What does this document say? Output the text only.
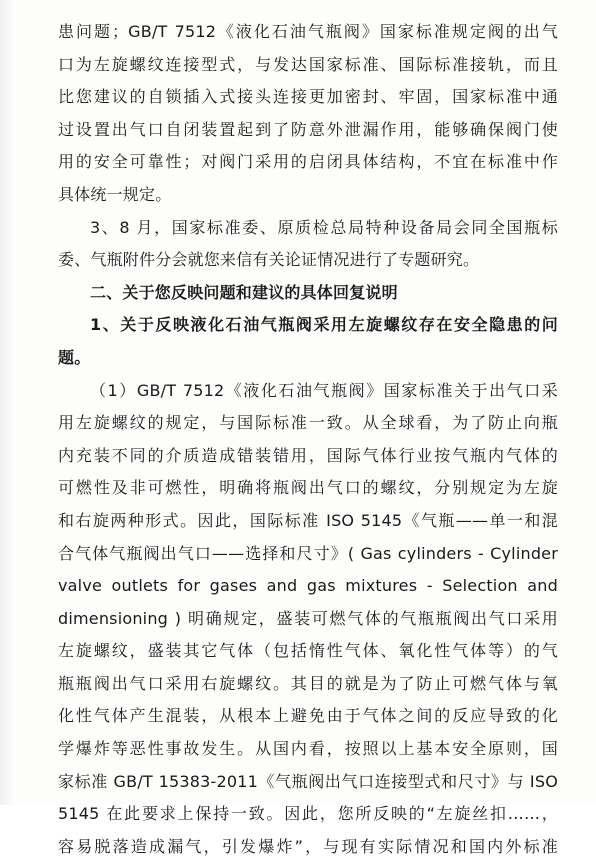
患问题；GB/T 7512《液化石油气瓶阀》国家标准规定阀的出气
口为左旋螺纹连接型式，与发达国家标准、国际标准接轨，而且
比您建议的自锁插入式接头连接更加密封、牢固，国家标准中通
过设置出气口自闭装置起到了防意外泄漏作用，能够确保阀门使
用的安全可靠性；对阀门采用的启闭具体结构，不宜在标准中作
具体统一规定。
3、8 月，国家标准委、原质检总局特种设备局会同全国瓶标
委、气瓶附件分会就您来信有关论证情况进行了专题研究。
二、关于您反映问题和建议的具体回复说明
1、关于反映液化石油气瓶阀采用左旋螺纹存在安全隐患的问
题。
（1）GB/T 7512《液化石油气瓶阀》国家标准关于出气口采
用左旋螺纹的规定，与国际标准一致。从全球看，为了防止向瓶
内充装不同的介质造成错装错用，国际气体行业按气瓶内气体的
可燃性及非可燃性，明确将瓶阀出气口的螺纹，分别规定为左旋
和右旋两种形式。因此，国际标准 ISO 5145《气瓶——单一和混
合气体气瓶阀出气口——选择和尺寸》( Gas cylinders - Cylinder
valve outlets for gases and gas mixtures - Selection and
dimensioning ) 明确规定，盛装可燃气体的气瓶瓶阀出气口采用
左旋螺纹，盛装其它气体（包括惰性气体、氧化性气体等）的气
瓶瓶阀出气口采用右旋螺纹。其目的就是为了防止可燃气体与氧
化性气体产生混装，从根本上避免由于气体之间的反应导致的化
学爆炸等恶性事故发生。从国内看，按照以上基本安全原则，国
家标准 GB/T 15383-2011《气瓶阀出气口连接型式和尺寸》与 ISO
5145 在此要求上保持一致。因此，您所反映的“左旋丝扣……，
容易脱落造成漏气，引发爆炸”，与现有实际情况和国内外标准
